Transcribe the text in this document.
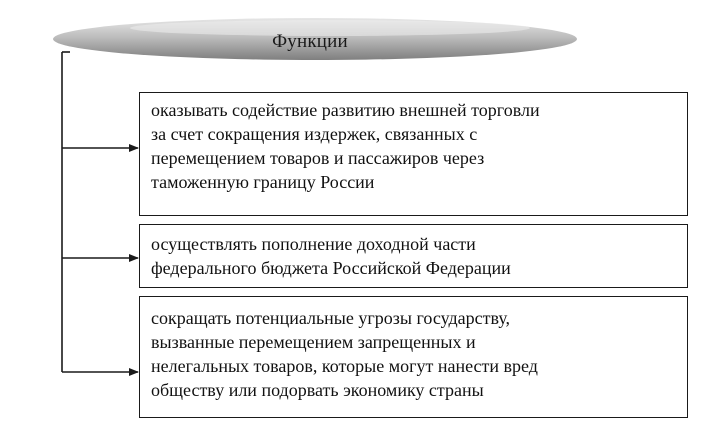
Функции
оказывать содействие развитию внешней торговли
за счет сокращения издержек, связанных с
перемещением товаров и пассажиров через
таможенную границу России
осуществлять пополнение доходной части
федерального бюджета Российской Федерации
сокращать потенциальные угрозы государству,
вызванные перемещением запрещенных и
нелегальных товаров, которые могут нанести вред
обществу или подорвать экономику страны
